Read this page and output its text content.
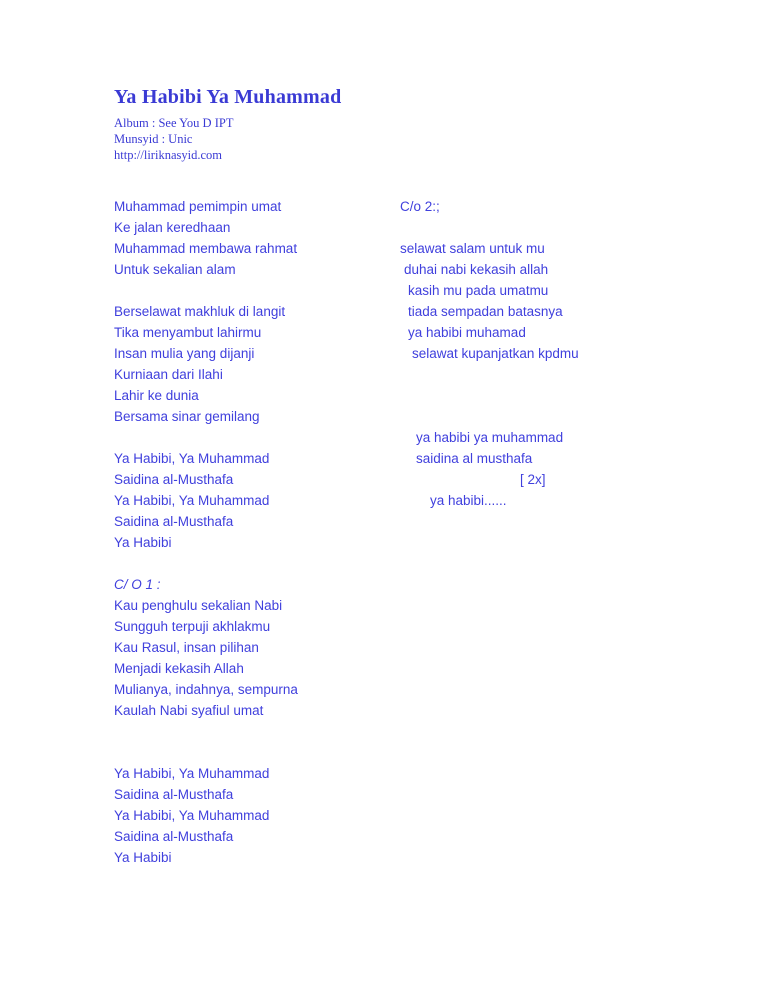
Ya Habibi Ya Muhammad
Album : See You D IPT
Munsyid : Unic
http://liriknasyid.com
Muhammad pemimpin umat
Ke jalan keredhaan
Muhammad membawa rahmat
Untuk sekalian alam
Berselawat makhluk di langit
Tika menyambut lahirmu
Insan mulia yang dijanji
Kurniaan dari Ilahi
Lahir ke dunia
Bersama sinar gemilang
Ya Habibi, Ya Muhammad
Saidina al-Musthafa
Ya Habibi, Ya Muhammad
Saidina al-Musthafa
Ya Habibi
C/ O 1 :
Kau penghulu sekalian Nabi
Sungguh terpuji akhlakmu
Kau Rasul, insan pilihan
Menjadi kekasih Allah
Mulianya, indahnya, sempurna
Kaulah Nabi syafiul umat
Ya Habibi, Ya Muhammad
Saidina al-Musthafa
Ya Habibi, Ya Muhammad
Saidina al-Musthafa
Ya Habibi
C/o 2:;
selawat salam untuk mu
duhai nabi kekasih allah
kasih mu pada umatmu
tiada sempadan batasnya
ya habibi muhamad
selawat kupanjatkan kpdmu
ya habibi ya muhammad
saidina al musthafa
[ 2x]
ya habibi......
